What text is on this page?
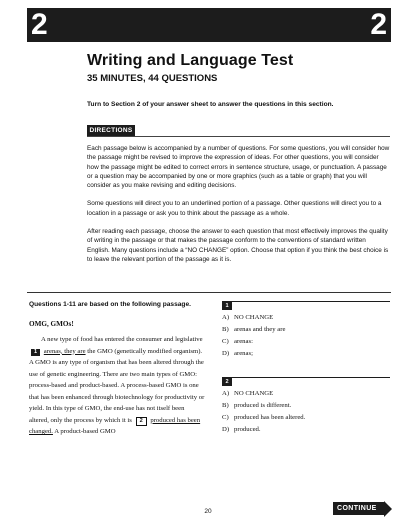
2	2
Writing and Language Test
35 MINUTES, 44 QUESTIONS
Turn to Section 2 of your answer sheet to answer the questions in this section.
DIRECTIONS

Each passage below is accompanied by a number of questions. For some questions, you will consider how the passage might be revised to improve the expression of ideas. For other questions, you will consider how the passage might be edited to correct errors in sentence structure, usage, or punctuation. A passage or a question may be accompanied by one or more graphics (such as a table or graph) that you will consider as you make revising and editing decisions.

Some questions will direct you to an underlined portion of a passage. Other questions will direct you to a location in a passage or ask you to think about the passage as a whole.

After reading each passage, choose the answer to each question that most effectively improves the quality of writing in the passage or that makes the passage conform to the conventions of standard written English. Many questions include a “NO CHANGE” option. Choose that option if you think the best choice is to leave the relevant portion of the passage as it is.

Questions 1-11 are based on the following passage.
OMG, GMOs!
A new type of food has entered the consumer and legislative 1 arenas, they are the GMO (genetically modified organism). A GMO is any type of organism that has been altered through the use of genetic engineering. There are two main types of GMO: process-based and product-based. A process-based GMO is one that has been enhanced through biotechnology for productivity or yield. In this type of GMO, the end-use has not itself been altered, only the process by which it is 2 produced has been changed. A product-based GMO
1
A) NO CHANGE
B) arenas and they are
C) arenas:
D) arenas;
2
A) NO CHANGE
B) produced is different.
C) produced has been altered.
D) produced.
20	CONTINUE
